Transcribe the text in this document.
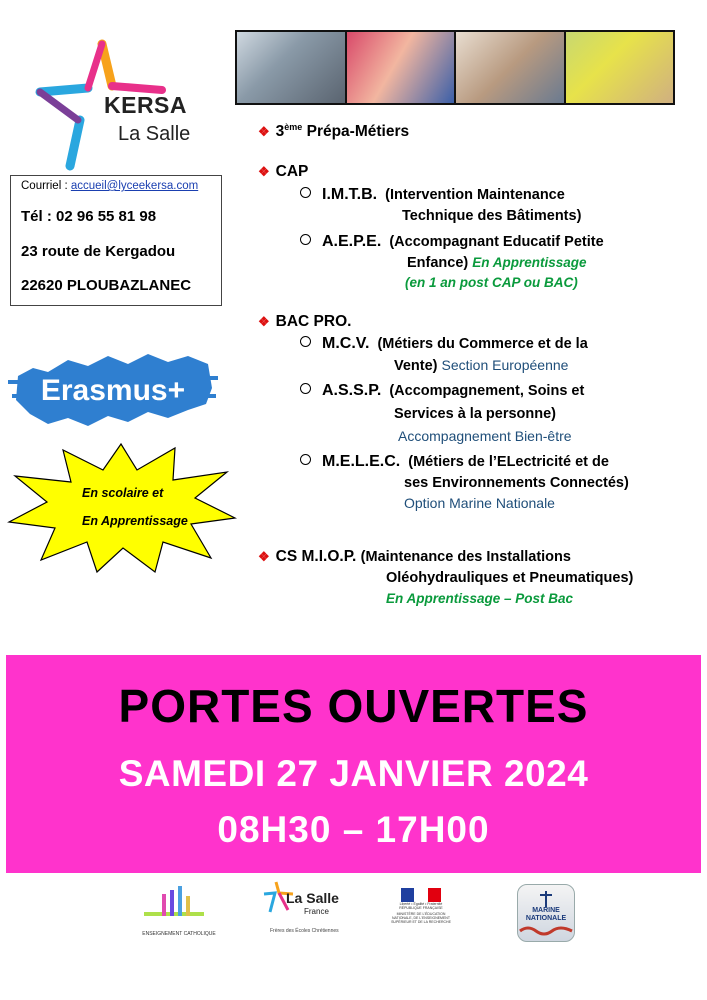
KERSA
La Salle
Courriel : accueil@lyceekersa.com
Tél : 02 96 55 81 98
23 route de Kergadou
22620 PLOUBAZLANEC
Erasmus+
En scolaire et
En Apprentissage
❖ 3ème Prépa-Métiers
❖ CAP
I.M.T.B. (Intervention Maintenance
Technique des Bâtiments)
A.E.P.E. (Accompagnant Educatif Petite
Enfance) En Apprentissage
(en 1 an post CAP ou BAC)
❖ BAC PRO.
M.C.V. (Métiers du Commerce et de la
Vente) Section Européenne
A.S.S.P. (Accompagnement, Soins et
Services à la personne)
Accompagnement Bien-être
M.E.L.E.C. (Métiers de l’ELectricité et de
ses Environnements Connectés)
Option Marine Nationale
❖ CS M.I.O.P. (Maintenance des Installations
Oléohydrauliques et Pneumatiques)
En Apprentissage – Post Bac
PORTES OUVERTES
SAMEDI 27 JANVIER 2024
08H30 – 17H00
ENSEIGNEMENT CATHOLIQUE
La Salle
France
Frères des Écoles Chrétiennes
Liberté • Égalité • Fraternité RÉPUBLIQUE FRANÇAISE
MINISTÈRE DE L'ÉDUCATION NATIONALE, DE L'ENSEIGNEMENT SUPÉRIEUR ET DE LA RECHERCHE
MARINE
NATIONALE
